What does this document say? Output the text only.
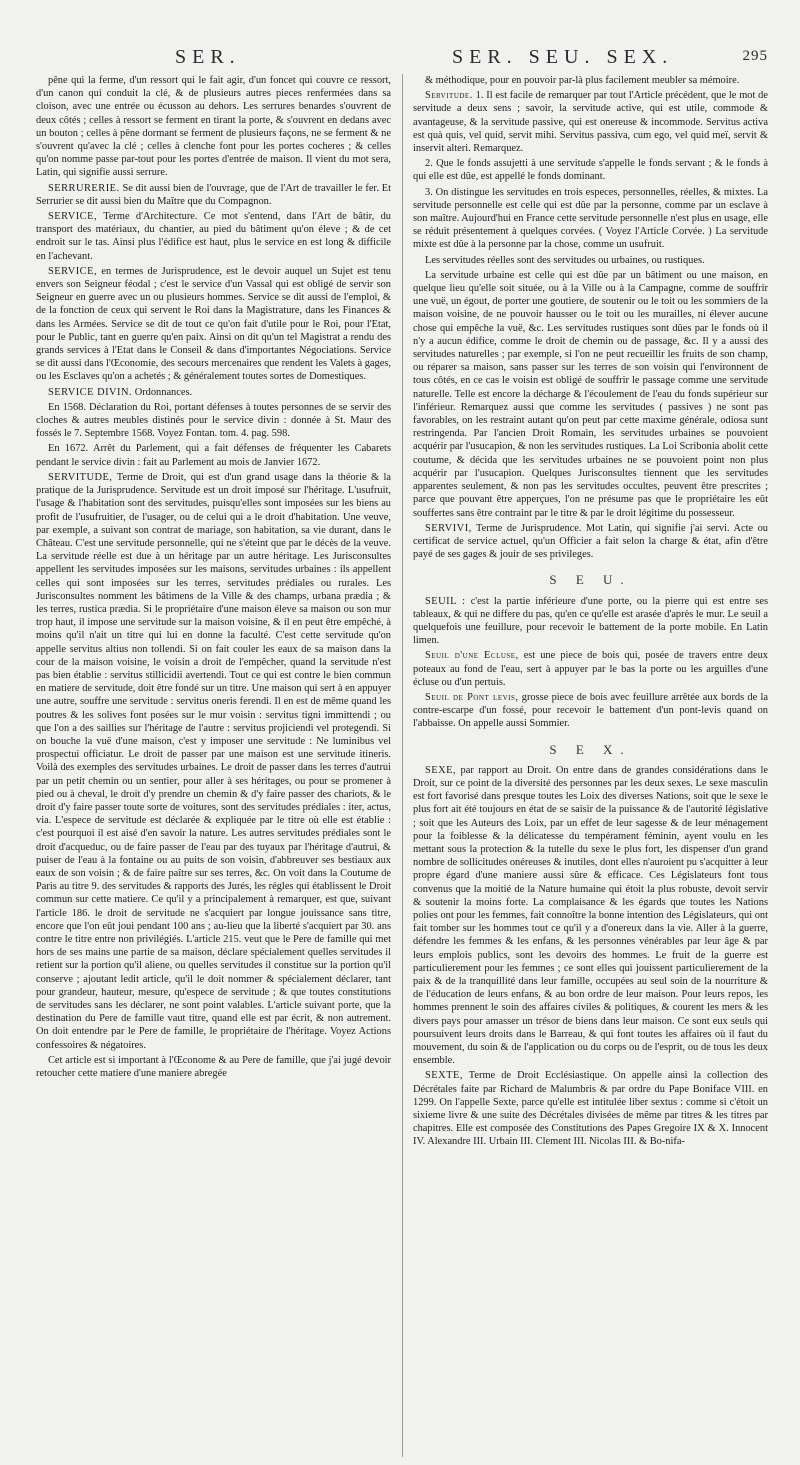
SER.	SER. SEU. SEX.	295

pêne qui la ferme, d'un ressort qui le fait agir, d'un foncet qui couvre ce ressort, d'un canon qui conduit la clé, & de plusieurs autres pieces renfermées dans sa cloison, avec une entrée ou écusson au dehors. Les serrures benardes s'ouvrent de deux côtés ; celles à ressort se ferment en tirant la porte, & s'ouvrent en dedans avec un bouton ; celles à pêne dormant se ferment de plusieurs façons, ne se ferment & ne s'ouvrent qu'avec la clé ; celles à clenche font pour les portes cocheres ; & celles qu'on nomme passe par-tout pour les portes d'entrée de maison. Il vient du mot sera, Latin, qui signifie aussi serrure.

SERRURERIE. Se dit aussi bien de l'ouvrage, que de l'Art de travailler le fer. Et Serrurier se dit aussi bien du Maître que du Compagnon.

SERVICE, Terme d'Architecture. Ce mot s'entend, dans l'Art de bâtir, du transport des matériaux, du chantier, au pied du bâtiment qu'on éleve ; & de cet endroit sur le tas. Ainsi plus l'édifice est haut, plus le service en est long & difficile en l'achevant.

SERVICE, en termes de Jurisprudence, est le devoir auquel un Sujet est tenu envers son Seigneur féodal ; c'est le service d'un Vassal qui est obligé de servir son Seigneur en guerre avec un ou plusieurs hommes. Service se dit aussi de l'emploi, & de la fonction de ceux qui servent le Roi dans la Magistrature, dans les Finances & dans les Armées. Service se dit de tout ce qu'on fait d'utile pour le Roi, pour l'Etat, pour le Public, tant en guerre qu'en paix. Ainsi on dit qu'un tel Magistrat a rendu des grands services à l'Etat dans le Conseil & dans d'importantes Négociations. Service se dit aussi dans l'Œconomie, des secours mercenaires que rendent les Valets à gages, ou les Esclaves qu'on a achetés ; & généralement toutes sortes de Domestiques.

SERVICE DIVIN. Ordonnances.

En 1568. Déclaration du Roi, portant défenses à toutes personnes de se servir des cloches & autres meubles distinés pour le service divin : donnée à St. Maur des fossés le 7. Septembre 1568. Voyez Fontan. tom. 4. pag. 598.

En 1672. Arrêt du Parlement, qui a fait défenses de fréquenter les Cabarets pendant le service divin : fait au Parlement au mois de Janvier 1672.

SERVITUDE, Terme de Droit, qui est d'un grand usage dans la théorie & la pratique de la Jurisprudence. Servitude est un droit imposé sur l'héritage. L'usufruit, l'usage & l'habitation sont des servitudes, puisqu'elles sont imposées sur les biens au profit de l'usufruitier, de l'usager, ou de celui qui a le droit d'habitation. Une veuve, par exemple, a suivant son contrat de mariage, son habitation, sa vie durant, dans le Château. C'est une servitude personnelle, qui ne s'éteint que par le décès de la veuve. La servitude réelle est due à un héritage par un autre héritage. Les Jurisconsultes appellent les servitudes imposées sur les maisons, servitudes urbaines : ils appellent celles qui sont imposées sur les terres, servitudes prédiales ou rurales. Les Jurisconsultes nomment les bâtimens de la Ville & des champs, urbana prædia ; & les terres, rustica prædia. Si le propriétaire d'une maison éleve sa maison ou son mur trop haut, il impose une servitude sur la maison voisine, & il en peut être empêché, à moins qu'il n'ait un titre qui lui en donne la faculté. C'est cette servitude qu'on appelle servitus altius non tollendi. Si on fait couler les eaux de sa maison dans la cour de la maison voisine, le voisin a droit de l'empêcher, quand la servitude n'est pas bien établie : servitus stillicidii avertendi. Tout ce qui est contre le bien commun en matiere de servitude, doit être fondé sur un titre. Une maison qui sert à en appuyer une autre, souffre une servitude : servitus oneris ferendi. Il en est de même quand les poutres & les solives font posées sur le mur voisin : servitus tigni immittendi ; ou que l'on a des saillies sur l'héritage de l'autre : servitus projiciendi vel protegendi. Si on bouche la vuë d'une maison, c'est y imposer une servitude : Ne luminibus vel prospectui officiatur. Le droit de passer par une maison est une servitude itineris. Voilà des exemples des servitudes urbaines. Le droit de passer dans les terres d'autrui par un petit chemin ou un sentier, pour aller à ses héritages, ou pour se promener à pied ou à cheval, le droit d'y prendre un chemin & d'y faire passer des chariots, & le droit d'y faire passer toute sorte de voitures, sont des servitudes prédiales : iter, actus, via. L'espece de servitude est déclarée & expliquée par le titre où elle est établie : c'est pourquoi il est aisé d'en savoir la nature. Les autres servitudes prédiales sont le droit d'acqueduc, ou de faire passer de l'eau par des tuyaux par l'héritage d'autrui, & puiser de l'eau à la fontaine ou au puits de son voisin, d'abbreuver ses bestiaux aux eaux de son voisin ; & de faire paître sur ses terres, &c. On voit dans la Coutume de Paris au titre 9. des servitudes & rapports des Jurés, les régles qui établissent le Droit commun sur cette matiere. Ce qu'il y a principalement à remarquer, est que, suivant l'article 186. le droit de servitude ne s'acquiert par longue jouissance sans titre, encore que l'on eût joui pendant 100 ans ; au-lieu que la liberté s'acquiert par 30. ans contre le titre entre non privilégiés. L'article 215. veut que le Pere de famille qui met hors de ses mains une partie de sa maison, déclare spécialement quelles servitudes il retient sur la portion qu'il aliene, ou quelles servitudes il constitue sur la portion qu'il conserve ; ajoutant ledit article, qu'il le doit nommer & spécialement déclarer, tant pour grandeur, hauteur, mesure, qu'espece de servitude ; & que toutes constitutions de servitudes sans les déclarer, ne sont point valables. L'article suivant porte, que la destination du Pere de famille vaut titre, quand elle est par écrit, & non autrement. On doit entendre par le Pere de famille, le propriétaire de l'héritage. Voyez Actions confessoires & négatoires.

Cet article est si important à l'Œconome & au Pere de famille, que j'ai jugé devoir retoucher cette matiere d'une maniere abregée

& méthodique, pour en pouvoir par-là plus facilement meubler sa mémoire.

Servitude. 1. Il est facile de remarquer par tout l'Article précédent, que le mot de servitude a deux sens ; savoir, la servitude active, qui est utile, commode & avantageuse, & la servitude passive, qui est onereuse & incommode. Servitus activa est quà quis, vel quid, servit mihi. Servitus passiva, cum ego, vel quid meï, servit & inservit alteri. Remarquez.

2. Que le fonds assujetti à une servitude s'appelle le fonds servant ; & le fonds à qui elle est dûe, est appellé le fonds dominant.

3. On distingue les servitudes en trois especes, personnelles, réelles, & mixtes. La servitude personnelle est celle qui est dûe par la personne, comme par un esclave à son maître. Aujourd'hui en France cette servitude personnelle n'est plus en usage, elle se réduit présentement à quelques corvées. ( Voyez l'Article Corvée. ) La servitude mixte est dûe à la personne par la chose, comme un usufruit.

Les servitudes réelles sont des servitudes ou urbaines, ou rustiques.

La servitude urbaine est celle qui est dûe par un bâtiment ou une maison, en quelque lieu qu'elle soit située, ou à la Ville ou à la Campagne, comme de souffrir une vuë, un égout, de porter une goutiere, de soutenir ou le toit ou les sommiers de la maison voisine, de ne pouvoir hausser ou le toit ou les murailles, ni élever aucune chose qui empêche la vuë, &c. Les servitudes rustiques sont dûes par le fonds où il n'y a aucun édifice, comme le droit de chemin ou de passage, &c. Il y a aussi des servitudes naturelles ; par exemple, si l'on ne peut recueillir les fruits de son champ, ou réparer sa maison, sans passer sur les terres de son voisin qui l'environnent de tous côtés, en ce cas le voisin est obligé de souffrir le passage comme une servitude naturelle. Telle est encore la décharge & l'écoulement de l'eau du fonds supérieur sur l'inférieur. Remarquez aussi que comme les servitudes ( passives ) ne sont pas favorables, on les restraint autant qu'on peut par cette maxime générale, odiosa sunt restringenda. Par l'ancien Droit Romain, les servitudes urbaines se pouvoient acquérir par l'usucapion, & non les servitudes rustiques. La Loi Scribonia abolit cette coutume, & décida que les servitudes urbaines ne se pouvoient point non plus acquérir par l'usucapion. Quelques Jurisconsultes tiennent que les servitudes apparentes seulement, & non pas les servitudes occultes, peuvent être prescrites ; parce que pouvant être apperçues, l'on ne présume pas que le propriétaire les eût souffertes sans être contraint par le titre & par le droit légitime du possesseur.

SERVIVI, Terme de Jurisprudence. Mot Latin, qui signifie j'ai servi. Acte ou certificat de service actuel, qu'un Officier a fait selon la charge & état, afin d'être payé de ses gages & jouir de ses privileges.

S E U.

SEUIL : c'est la partie inférieure d'une porte, ou la pierre qui est entre ses tableaux, & qui ne differe du pas, qu'en ce qu'elle est arasée d'après le mur. Le seuil a quelquefois une feuillure, pour recevoir le battement de la porte mobile. En Latin limen.

Seuil d'une Ecluse, est une piece de bois qui, posée de travers entre deux poteaux au fond de l'eau, sert à appuyer par le bas la porte ou les arguilles d'une écluse ou d'un pertuis.

Seuil de Pont levis, grosse piece de bois avec feuillure arrêtée aux bords de la contre-escarpe d'un fossé, pour recevoir le battement d'un pont-levis quand on l'abbaisse. On appelle aussi Sommier.

S E X.

SEXE, par rapport au Droit. On entre dans de grandes considérations dans le Droit, sur ce point de la diversité des personnes par les deux sexes. Le sexe masculin est fort favorisé dans presque toutes les Loix des diverses Nations, soit que le sexe le plus fort ait été toujours en état de se saisir de la puissance & de l'autorité législative ; soit que les Auteurs des Loix, par un effet de leur sagesse & de leur ménagement pour la foiblesse & la délicatesse du tempérament féminin, ayent voulu en les mettant sous la protection & la tutelle du sexe le plus fort, les dispenser d'un grand nombre de sollicitudes onéreuses & inutiles, dont elles n'auroient pu s'acquitter à leur propre égard d'une maniere aussi sûre & efficace. Ces Législateurs font tous convenus que la moitié de la Nature humaine qui étoit la plus robuste, devoit servir & soutenir la moins forte. La complaisance & les égards que toutes les Nations polies ont pour les femmes, fait connoître la bonne intention des Législateurs, qui ont fait tomber sur les hommes tout ce qu'il y a d'onereux dans la vie. Aller à la guerre, défendre les femmes & les enfans, & les personnes vénérables par leur âge & par leurs emplois publics, sont les devoirs des hommes. Le fruit de la guerre est particulierement pour les femmes ; ce sont elles qui jouissent particulierement de la paix & de la tranquillité dans leur famille, occupées au seul soin de la nourriture & de l'éducation de leurs enfans, & au bon ordre de leur maison. Pour leurs repos, les hommes prennent le soin des affaires civiles & politiques, & courent les mers & les divers pays pour amasser un trésor de biens dans leur maison. Ce sont eux seuls qui poursuivent leurs droits dans le Barreau, & qui font toutes les affaires où il faut du mouvement, du soin & de l'application ou du corps ou de l'esprit, ou de tous les deux ensemble.

SEXTE, Terme de Droit Ecclésiastique. On appelle ainsi la collection des Décrétales faite par Richard de Malumbris & par ordre du Pape Boniface VIII. en 1299. On l'appelle Sexte, parce qu'elle est intitulée liber sextus : comme si c'étoit un sixieme livre & une suite des Décrétales divisées de même par titres & les titres par chapitres. Elle est composée des Constitutions des Papes Gregoire IX & X. Innocent IV. Alexandre III. Urbain III. Clement III. Nicolas III. & Bo-nifa-
